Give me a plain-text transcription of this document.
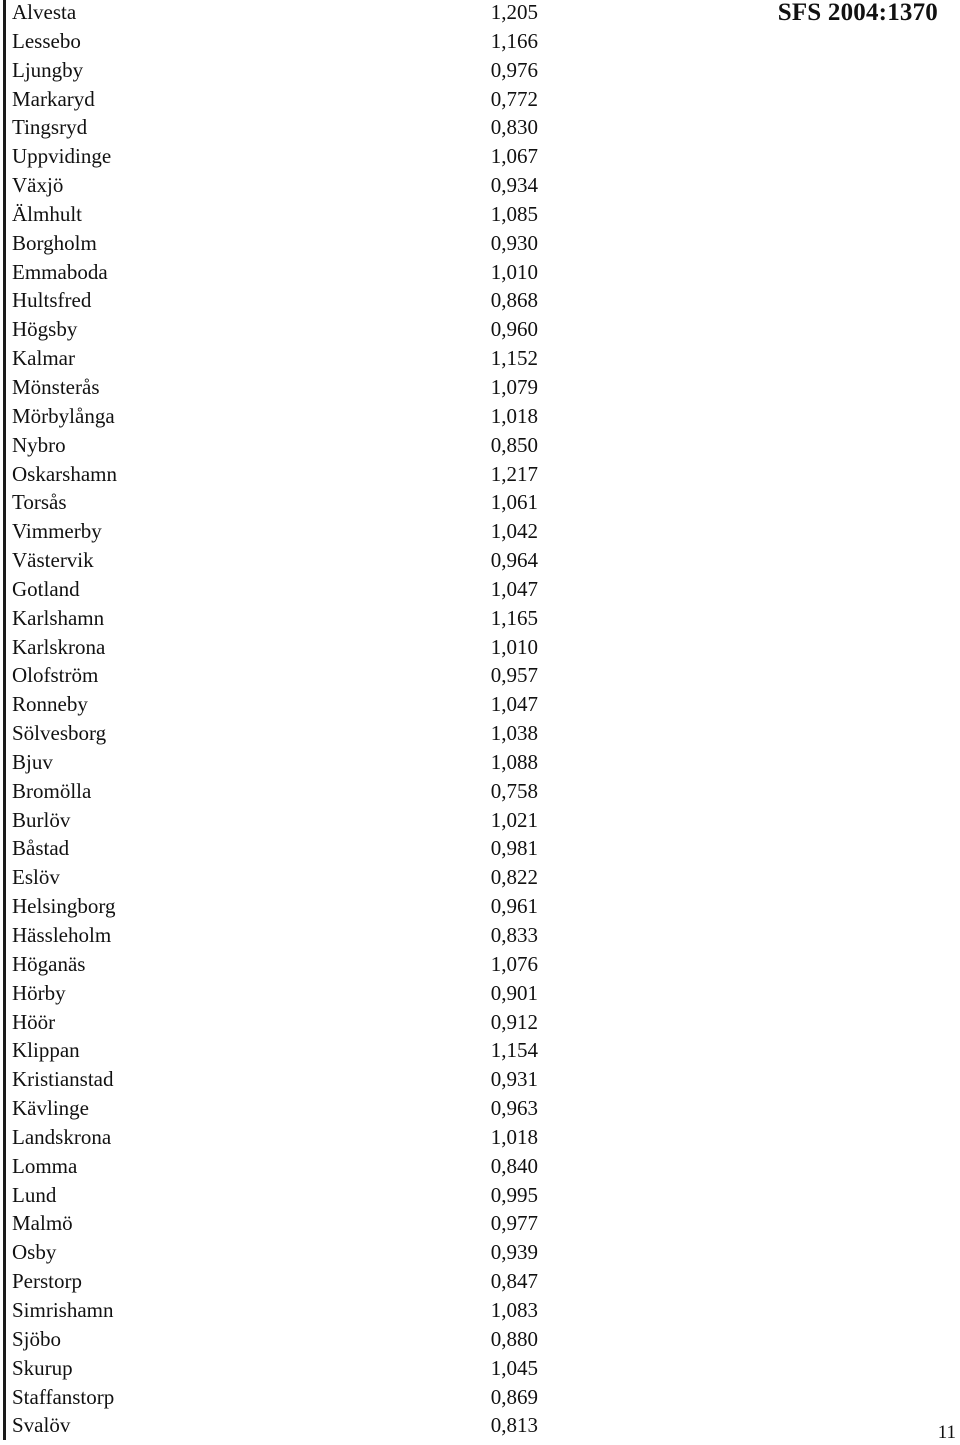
SFS 2004:1370
Alvesta	1,205
Lessebo	1,166
Ljungby	0,976
Markaryd	0,772
Tingsryd	0,830
Uppvidinge	1,067
Växjö	0,934
Älmhult	1,085
Borgholm	0,930
Emmaboda	1,010
Hultsfred	0,868
Högsby	0,960
Kalmar	1,152
Mönsterås	1,079
Mörbylånga	1,018
Nybro	0,850
Oskarshamn	1,217
Torsås	1,061
Vimmerby	1,042
Västervik	0,964
Gotland	1,047
Karlshamn	1,165
Karlskrona	1,010
Olofström	0,957
Ronneby	1,047
Sölvesborg	1,038
Bjuv	1,088
Bromölla	0,758
Burlöv	1,021
Båstad	0,981
Eslöv	0,822
Helsingborg	0,961
Hässleholm	0,833
Höganäs	1,076
Hörby	0,901
Höör	0,912
Klippan	1,154
Kristianstad	0,931
Kävlinge	0,963
Landskrona	1,018
Lomma	0,840
Lund	0,995
Malmö	0,977
Osby	0,939
Perstorp	0,847
Simrishamn	1,083
Sjöbo	0,880
Skurup	1,045
Staffanstorp	0,869
Svalöv	0,813	11
